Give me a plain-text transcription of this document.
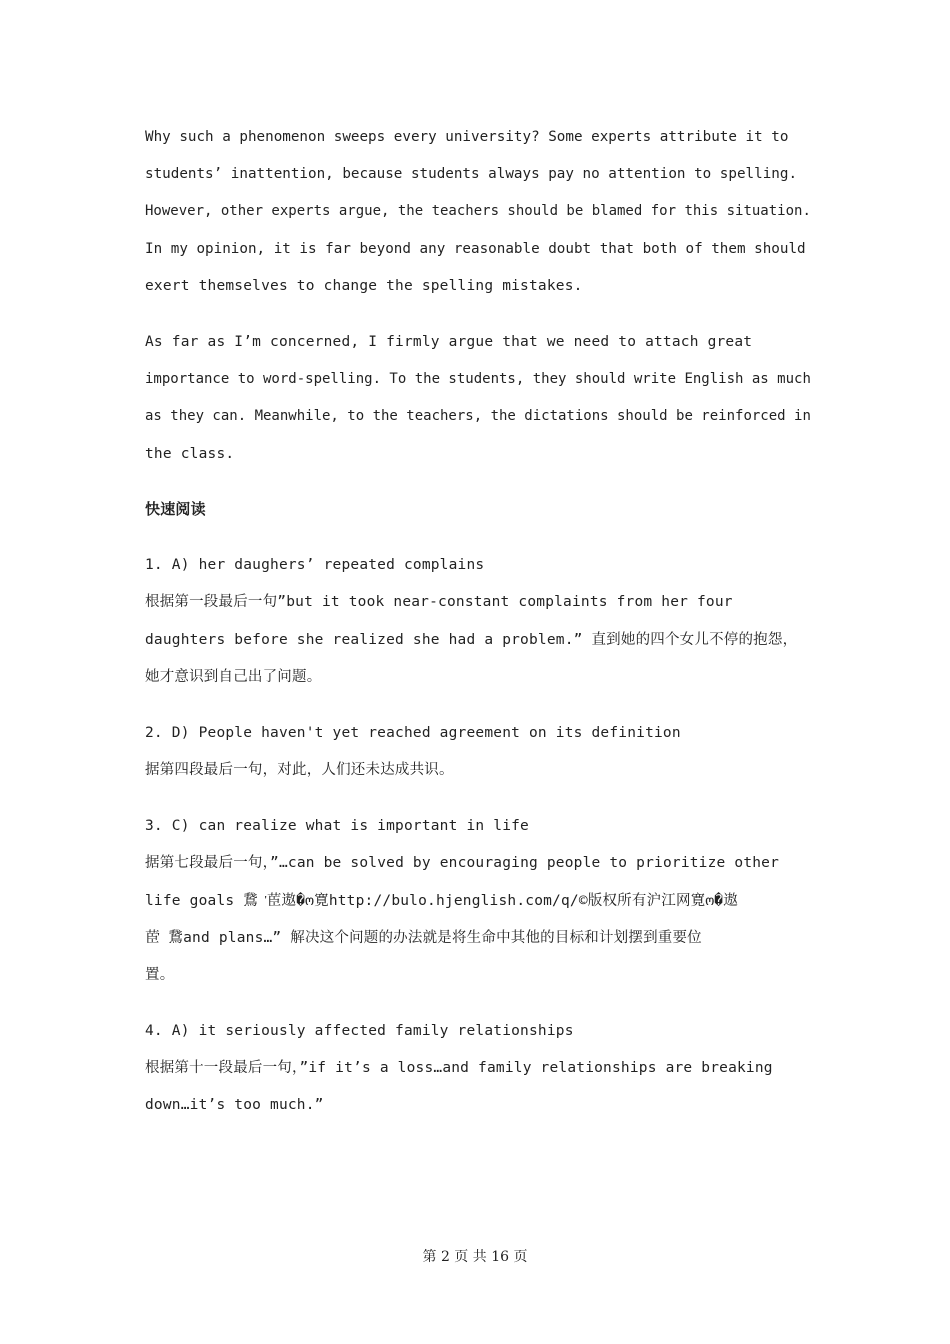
Why such a phenomenon sweeps every university? Some experts attribute it to
students’ inattention, because students always pay no attention to spelling.
However, other experts argue, the teachers should be blamed for this situation.
In my opinion, it is far beyond any reasonable doubt that both of them should
exert themselves to change the spelling mistakes.
As far as I’m concerned, I firmly argue that we need to attach great
importance to word-spelling. To the students, they should write English as much
as they can. Meanwhile, to the teachers, the dictations should be reinforced in
the class.
快速阅读
1. A) her daughers’ repeated complains
根据第一段最后一句”but it took near-constant complaints from her four
daughters before she realized she had a problem.” 直到她的四个女儿不停的抱怨，
她才意识到自己出了问题。
2. D) People haven't yet reached agreement on its definition
据第四段最后一句，对此，人们还未达成共识。
3. C) can realize what is important in life
据第七段最后一句，”…can be solved by encouraging people to prioritize other
life goals 鵞 ᡃ茞遨�ო寛http://bulo.hjenglish.com/q/©版权所有沪江网寛ო�遨
茞ᡃ 鵞and plans…” 解决这个问题的办法就是将生命中其他的目标和计划摆到重要位
置。
4. A) it seriously affected family relationships
根据第十一段最后一句，”if it’s a loss…and family relationships are breaking
down…it’s too much.”
第 2 页 共 16 页
